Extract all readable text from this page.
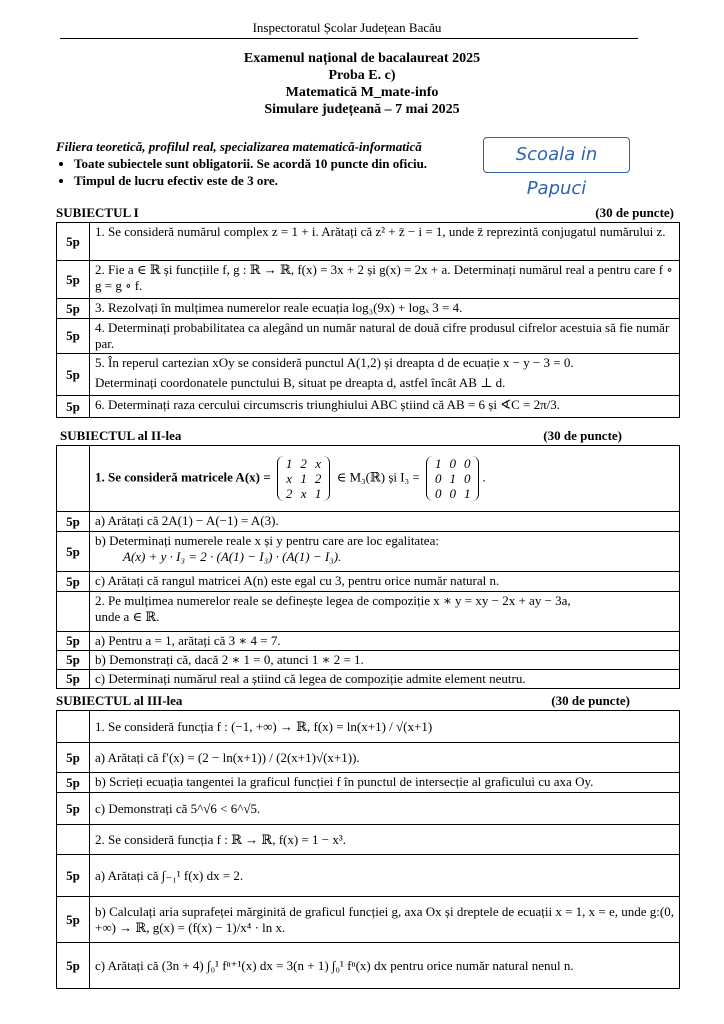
Inspectoratul Școlar Județean Bacău
Examenul național de bacalaureat 2025
Proba E. c)
Matematică M_mate-info
Simulare județeană – 7 mai 2025
Filiera teoretică, profilul real, specializarea matematică-informatică
• Toate subiectele sunt obligatorii. Se acordă 10 puncte din oficiu.
• Timpul de lucru efectiv este de 3 ore.
Scoala in Papuci
SUBIECTUL I	(30 de puncte)
5p	1. Se consideră numărul complex z = 1 + i. Arătați că z² + z̄ − i = 1, unde z̄ reprezintă conjugatul numărului z.
5p	2. Fie a ∈ ℝ și funcțiile f, g : ℝ → ℝ, f(x) = 3x + 2 și g(x) = 2x + a. Determinați numărul real a pentru care f ∘ g = g ∘ f.
5p	3. Rezolvați în mulțimea numerelor reale ecuația log₃(9x) + logₓ 3 = 4.
5p	4. Determinați probabilitatea ca alegând un număr natural de două cifre produsul cifrelor acestuia să fie număr par.
5p	5. În reperul cartezian xOy se consideră punctul A(1,2) și dreapta d de ecuație x − y − 3 = 0.
Determinați coordonatele punctului B, situat pe dreapta d, astfel încât AB ⊥ d.

5p	6. Determinați raza cercului circumscris triunghiului ABC știind că AB = 6 și ∢C = 2π/3.
SUBIECTUL al II-lea	(30 de puncte)
	1. Se consideră matricele A(x) =
1	2	x
x	1	2
2	x	1
∈ M₃(ℝ) și I₃ =
1	0	0
0	1	0
0	0	1
.
5p	a) Arătați că 2A(1) − A(−1) = A(3).
5p	
b) Determinați numerele reale x și y pentru care are loc egalitatea:
A(x) + y · I₃ = 2 · (A(1) − I₃) · (A(1) − I₃).

5p	c) Arătați că rangul matricei A(n) este egal cu 3, pentru orice număr natural n.

2. Pe mulțimea numerelor reale se definește legea de compoziție x ∗ y = xy − 2x + ay − 3a,
unde a ∈ ℝ.

5p	a) Pentru a = 1, arătați că 3 ∗ 4 = 7.
5p	b) Demonstrați că, dacă 2 ∗ 1 = 0, atunci 1 ∗ 2 = 1.
5p	c) Determinați numărul real a știind că legea de compoziție admite element neutru.
SUBIECTUL al III-lea	(30 de puncte)
	1. Se consideră funcția f : (−1, +∞) → ℝ, f(x) = ln(x+1) / √(x+1)
5p	a) Arătați că f′(x) = (2 − ln(x+1)) / (2(x+1)√(x+1)).
5p	b) Scrieți ecuația tangentei la graficul funcției f în punctul de intersecție al graficului cu axa Oy.
5p	c) Demonstrați că 5^√6 < 6^√5.
	2. Se consideră funcția f : ℝ → ℝ, f(x) = 1 − x³.
5p	a) Arătați că ∫₋₁¹ f(x) dx = 2.
5p	b) Calculați aria suprafeței mărginită de graficul funcției g, axa Ox și dreptele de ecuații x = 1, x = e, unde g:(0, +∞) → ℝ, g(x) = (f(x) − 1)/x⁴ · ln x.
5p	c) Arătați că (3n + 4) ∫₀¹ fⁿ⁺¹(x) dx = 3(n + 1) ∫₀¹ fⁿ(x) dx pentru orice număr natural nenul n.
